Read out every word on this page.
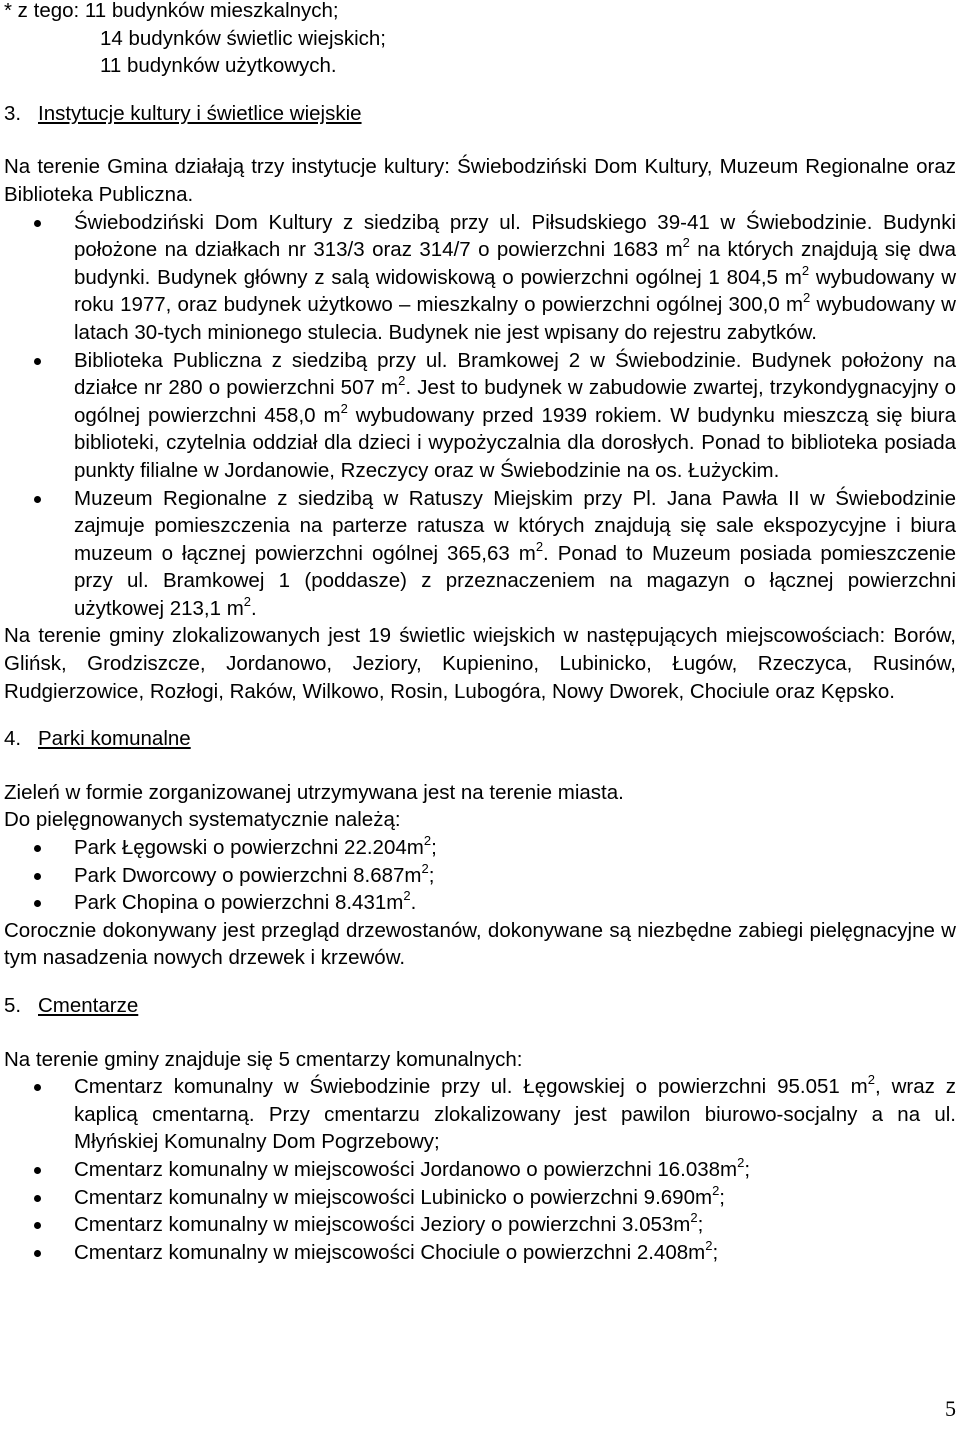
* z tego: 11 budynków mieszkalnych;

14 budynków świetlic wiejskich;

11 budynków użytkowych.

3. Instytucje kultury i świetlice wiejskie

Na terenie Gmina działają trzy instytucje kultury: Świebodziński Dom Kultury, Muzeum Regionalne oraz Biblioteka Publiczna.

Świebodziński Dom Kultury z siedzibą przy ul. Piłsudskiego 39-41 w Świebodzinie. Budynki położone na działkach nr 313/3 oraz 314/7 o powierzchni 1683 $m^2$ na których znajdują się dwa budynki. Budynek główny z salą widowiskową o powierzchni ogólnej 1 804,5 $m^2$ wybudowany w roku 1977, oraz budynek użytkowo – mieszkalny o powierzchni ogólnej 300,0 $m^2$ wybudowany w latach 30-tych minionego stulecia. Budynek nie jest wpisany do rejestru zabytków.
Biblioteka Publiczna z siedzibą przy ul. Bramkowej 2 w Świebodzinie. Budynek położony na działce nr 280 o powierzchni 507 $m^2$. Jest to budynek w zabudowie zwartej, trzykondygnacyjny o ogólnej powierzchni 458,0 $m^2$ wybudowany przed 1939 rokiem. W budynku mieszczą się biura biblioteki, czytelnia oddział dla dzieci i wypożyczalnia dla dorosłych. Ponad to biblioteka posiada punkty filialne w Jordanowie, Rzeczycy oraz w Świebodzinie na os. Łużyckim.
Muzeum Regionalne z siedzibą w Ratuszy Miejskim przy Pl. Jana Pawła II w Świebodzinie zajmuje pomieszczenia na parterze ratusza w których znajdują się sale ekspozycyjne i biura muzeum o łącznej powierzchni ogólnej 365,63 $m^2$. Ponad to Muzeum posiada pomieszczenie przy ul. Bramkowej 1 (poddasze) z przeznaczeniem na magazyn o łącznej powierzchni użytkowej 213,1 $m^2$.

Na terenie gminy zlokalizowanych jest 19 świetlic wiejskich w następujących miejscowościach: Borów, Glińsk, Grodziszcze, Jordanowo, Jeziory, Kupienino, Lubinicko, Ługów, Rzeczyca, Rusinów, Rudgierzowice, Rozłogi, Raków, Wilkowo, Rosin, Lubogóra, Nowy Dworek, Chociule oraz Kępsko.

4. Parki komunalne

Zieleń w formie zorganizowanej utrzymywana jest na terenie miasta.

Do pielęgnowanych systematycznie należą:

Park Łęgowski o powierzchni $22.204m^2$;
Park Dworcowy o powierzchni $8.687m^2$;
Park Chopina o powierzchni $8.431m^2$.

Corocznie dokonywany jest przegląd drzewostanów, dokonywane są niezbędne zabiegi pielęgnacyjne w tym nasadzenia nowych drzewek i krzewów.

5. Cmentarze

Na terenie gminy znajduje się 5 cmentarzy komunalnych:

Cmentarz komunalny w Świebodzinie przy ul. Łęgowskiej o powierzchni 95.051 $m^2$, wraz z kaplicą cmentarną. Przy cmentarzu zlokalizowany jest pawilon biurowo-socjalny a na ul. Młyńskiej Komunalny Dom Pogrzebowy;
Cmentarz komunalny w miejscowości Jordanowo o powierzchni $16.038m^2$;
Cmentarz komunalny w miejscowości Lubinicko o powierzchni $9.690m^2$;
Cmentarz komunalny w miejscowości Jeziory o powierzchni $3.053m^2$;
Cmentarz komunalny w miejscowości Chociule o powierzchni $2.408m^2$;
5
